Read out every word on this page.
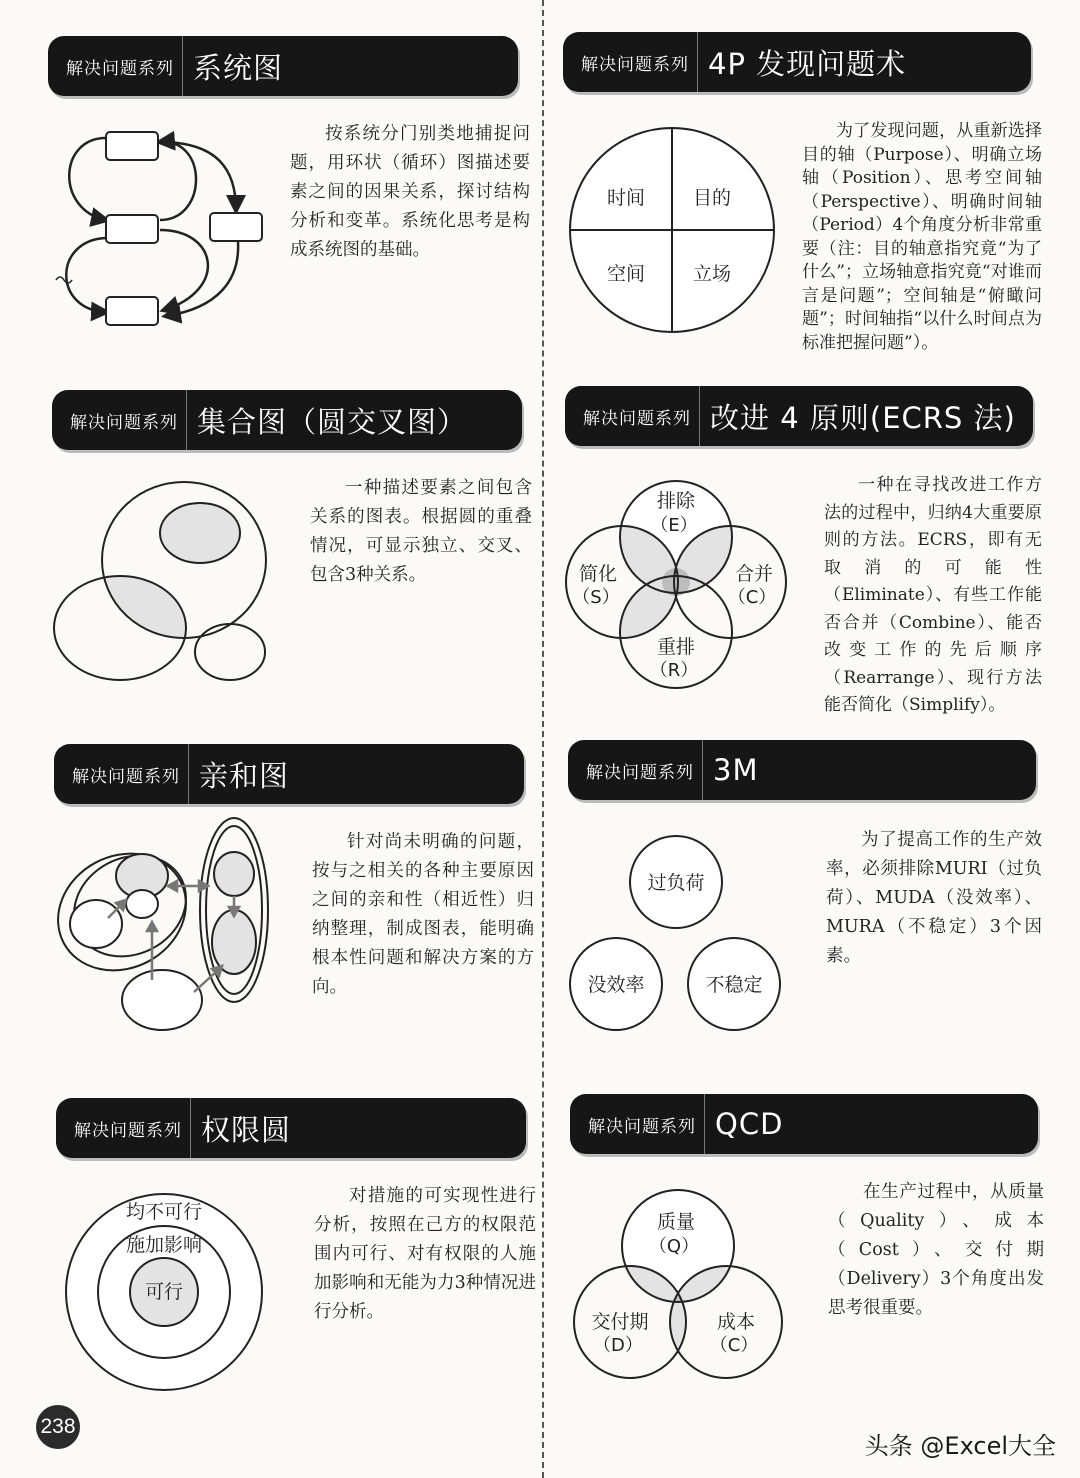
解决问题系列 系统图
按系统分门别类地捕捉问题，用环状（循环）图描述要素之间的因果关系，探讨结构分析和变革。系统化思考是构成系统图的基础。
解决问题系列 集合图（圆交叉图）
一种描述要素之间包含关系的图表。根据圆的重叠情况，可显示独立、交叉、包含3种关系。
解决问题系列 亲和图
针对尚未明确的问题，按与之相关的各种主要原因之间的亲和性（相近性）归纳整理，制成图表，能明确根本性问题和解决方案的方向。
解决问题系列 权限圆
均不可行
施加影响
可行
对措施的可实现性进行分析，按照在己方的权限范围内可行、对有权限的人施加影响和无能为力3种情况进行分析。
解决问题系列 4P 发现问题术
时间	目的
空间	立场
为了发现问题，从重新选择目的轴（Purpose）、明确立场轴（Position）、思考空间轴（Perspective）、明确时间轴（Period）4个角度分析非常重要（注：目的轴意指究竟“为了什么”；立场轴意指究竟“对谁而言是问题”；空间轴是“俯瞰问题”；时间轴指“以什么时间点为标准把握问题”）。
解决问题系列 改进 4 原则(ECRS 法)
排除
（E）
简化
（S）
合并
（C）
重排
（R）
一种在寻找改进工作方法的过程中，归纳4大重要原则的方法。ECRS，即有无取消的可能性（Eliminate）、有些工作能否合并（Combine）、能否改变工作的先后顺序（Rearrange）、现行方法能否简化（Simplify）。
解决问题系列 3M
过负荷
没效率	不稳定
为了提高工作的生产效率，必须排除MURI（过负荷）、MUDA（没效率）、MURA（不稳定）3个因素。
解决问题系列 QCD
质量
（Q）
交付期
（D）
成本
（C）
在生产过程中，从质量（Quality）、成本（Cost）、交付期（Delivery）3个角度出发思考很重要。
238
头条 @Excel大全
